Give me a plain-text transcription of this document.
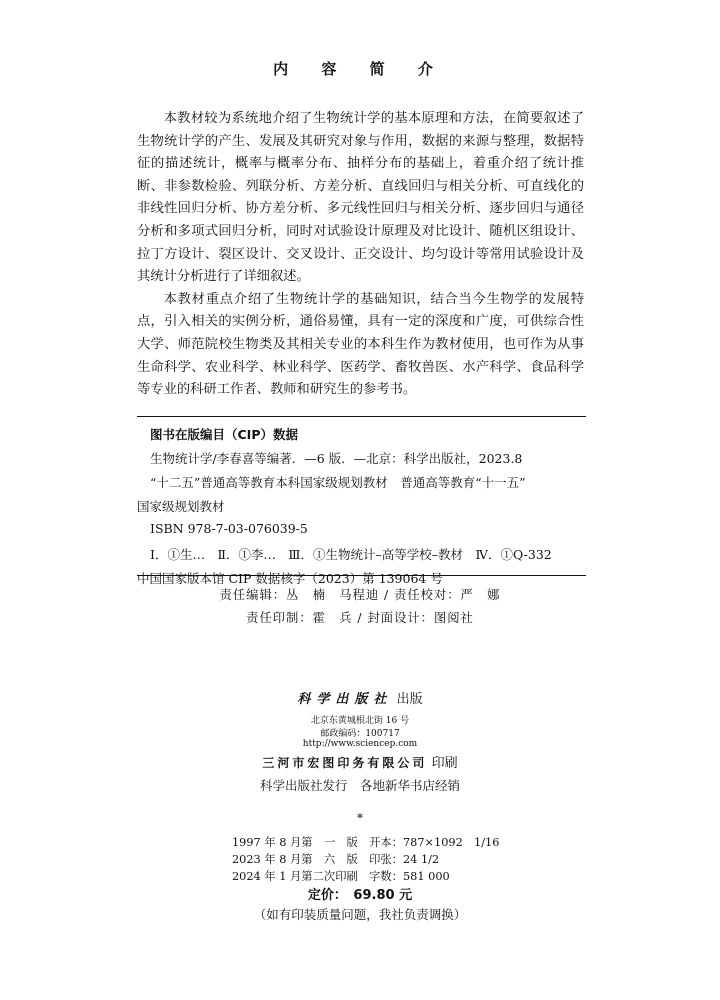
内 容 简 介

本教材较为系统地介绍了生物统计学的基本原理和方法，在简要叙述了生物统计学的产生、发展及其研究对象与作用，数据的来源与整理，数据特征的描述统计，概率与概率分布、抽样分布的基础上，着重介绍了统计推断、非参数检验、列联分析、方差分析、直线回归与相关分析、可直线化的非线性回归分析、协方差分析、多元线性回归与相关分析、逐步回归与通径分析和多项式回归分析，同时对试验设计原理及对比设计、随机区组设计、拉丁方设计、裂区设计、交叉设计、正交设计、均匀设计等常用试验设计及其统计分析进行了详细叙述。

本教材重点介绍了生物统计学的基础知识，结合当今生物学的发展特点，引入相关的实例分析，通俗易懂，具有一定的深度和广度，可供综合性大学、师范院校生物类及其相关专业的本科生作为教材使用，也可作为从事生命科学、农业科学、林业科学、医药学、畜牧兽医、水产科学、食品科学等专业的科研工作者、教师和研究生的参考书。

图书在版编目（CIP）数据
生物统计学/李春喜等编著．—6 版．—北京：科学出版社，2023.8
“十二五”普通高等教育本科国家级规划教材　普通高等教育“十一五”
国家级规划教材
ISBN 978-7-03-076039-5
Ⅰ．①生…　Ⅱ．①李…　Ⅲ．①生物统计–高等学校–教材　Ⅳ．①Q-332
中国国家版本馆 CIP 数据核字（2023）第 139064 号
责任编辑：丛　楠　马程迪 / 责任校对：严　娜
责任印制：霍　兵 / 封面设计：图阅社
科学出版社 出版
北京东黄城根北街 16 号
邮政编码：100717
http://www.sciencep.com
三河市宏图印务有限公司 印刷
科学出版社发行　各地新华书店经销
*
1997 年 8 月第　一　版　开本：787×1092　1/16
2023 年 8 月第　六　版　印张：24 1/2
2024 年 1 月第二次印刷　字数：581 000
定价：　69.80 元
（如有印装质量问题，我社负责调换）
